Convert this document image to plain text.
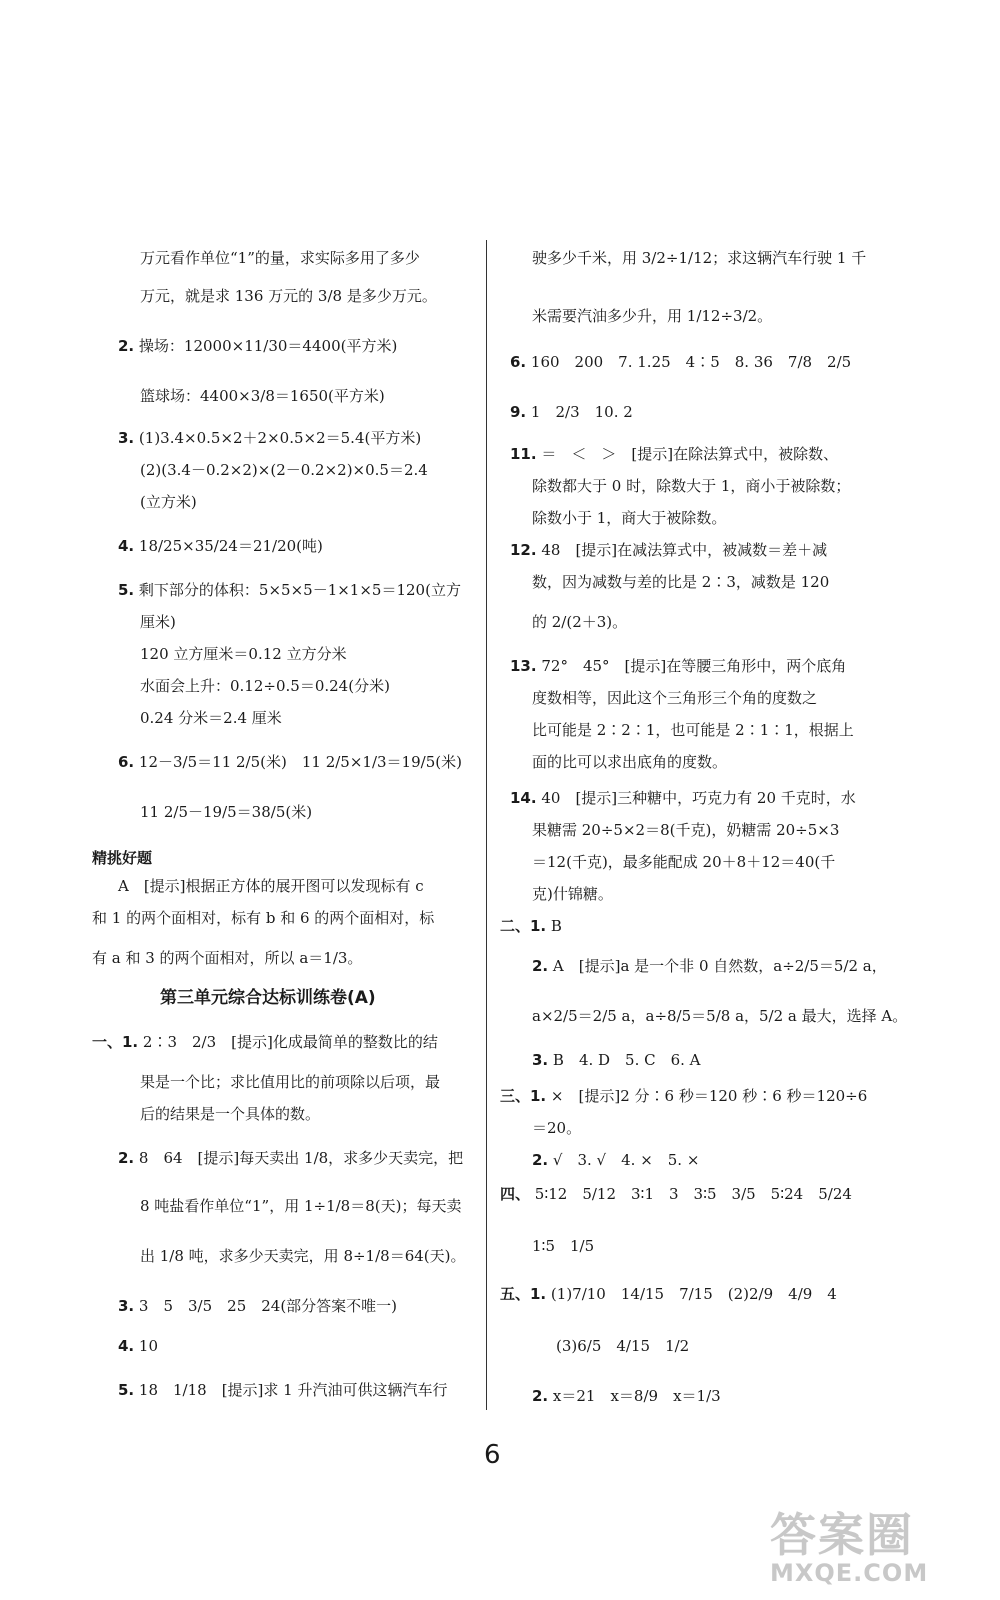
万元看作单位“1”的量，求实际多用了多少
万元，就是求 136 万元的 3/8 是多少万元。
2. 操场：12000×11/30＝4400(平方米)
篮球场：4400×3/8＝1650(平方米)
3. (1)3.4×0.5×2＋2×0.5×2＝5.4(平方米)
(2)(3.4－0.2×2)×(2－0.2×2)×0.5＝2.4
(立方米)
4. 18/25×35/24＝21/20(吨)
5. 剩下部分的体积：5×5×5－1×1×5＝120(立方
厘米)
120 立方厘米＝0.12 立方分米
水面会上升：0.12÷0.5＝0.24(分米)
0.24 分米＝2.4 厘米
6. 12－3/5＝11 2/5(米)　11 2/5×1/3＝19/5(米)
11 2/5－19/5＝38/5(米)
精挑好题
A　[提示]根据正方体的展开图可以发现标有 c
和 1 的两个面相对，标有 b 和 6 的两个面相对，标
有 a 和 3 的两个面相对，所以 a＝1/3。
第三单元综合达标训练卷(A)
一、1. 2∶3　2/3　[提示]化成最简单的整数比的结
果是一个比；求比值用比的前项除以后项，最
后的结果是一个具体的数。
2. 8　64　[提示]每天卖出 1/8，求多少天卖完，把
8 吨盐看作单位“1”，用 1÷1/8＝8(天)；每天卖
出 1/8 吨，求多少天卖完，用 8÷1/8＝64(天)。
3. 3　5　3/5　25　24(部分答案不唯一)
4. 10
5. 18　1/18　[提示]求 1 升汽油可供这辆汽车行
驶多少千米，用 3/2÷1/12；求这辆汽车行驶 1 千
米需要汽油多少升，用 1/12÷3/2。
6. 160　200　7. 1.25　4∶5　8. 36　7/8　2/5
9. 1　2/3　10. 2
11. ＝　＜　＞　[提示]在除法算式中，被除数、
除数都大于 0 时，除数大于 1，商小于被除数；
除数小于 1，商大于被除数。
12. 48　[提示]在减法算式中，被减数＝差＋减
数，因为减数与差的比是 2∶3，减数是 120
的 2/(2＋3)。
13. 72°　45°　[提示]在等腰三角形中，两个底角
度数相等，因此这个三角形三个角的度数之
比可能是 2∶2∶1，也可能是 2∶1∶1，根据上
面的比可以求出底角的度数。
14. 40　[提示]三种糖中，巧克力有 20 千克时，水
果糖需 20÷5×2＝8(千克)，奶糖需 20÷5×3
＝12(千克)，最多能配成 20＋8＋12＝40(千
克)什锦糖。
二、1. B
2. A　[提示]a 是一个非 0 自然数，a÷2/5＝5/2 a，
a×2/5＝2/5 a，a÷8/5＝5/8 a，5/2 a 最大，选择 A。
3. B　4. D　5. C　6. A
三、1. ×　[提示]2 分∶6 秒＝120 秒∶6 秒＝120÷6
＝20。
2. √　3. √　4. ×　5. ×
四、 5∶12　5/12　3∶1　3　3∶5　3/5　5∶24　5/24
1∶5　1/5
五、1. (1)7/10　14/15　7/15　(2)2/9　4/9　4
(3)6/5　4/15　1/2
2. x＝21　x＝8/9　x＝1/3
6
答案圈
MXQE.COM
